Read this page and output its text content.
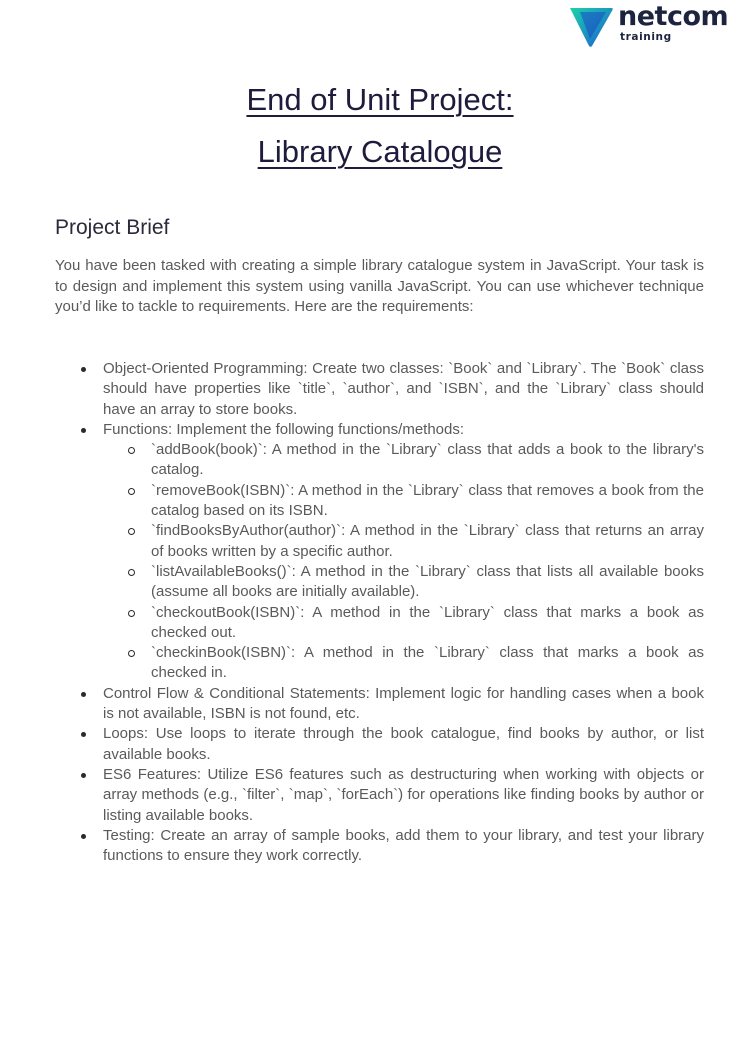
netcom
training
End of Unit Project:
Library Catalogue
Project Brief

You have been tasked with creating a simple library catalogue system in JavaScript. Your task is to design and implement this system using vanilla JavaScript. You can use whichever technique you’d like to tackle to requirements. Here are the requirements:

Object-Oriented Programming: Create two classes: `Book` and `Library`. The `Book` class should have properties like `title`, `author`, and `ISBN`, and the `Library` class should have an array to store books.
Functions: Implement the following functions/methods:
`addBook(book)`: A method in the `Library` class that adds a book to the library's catalog.
`removeBook(ISBN)`: A method in the `Library` class that removes a book from the catalog based on its ISBN.
`findBooksByAuthor(author)`: A method in the `Library` class that returns an array of books written by a specific author.
`listAvailableBooks()`: A method in the `Library` class that lists all available books (assume all books are initially available).
`checkoutBook(ISBN)`: A method in the `Library` class that marks a book as checked out.
`checkinBook(ISBN)`: A method in the `Library` class that marks a book as checked in.
Control Flow & Conditional Statements: Implement logic for handling cases when a book is not available, ISBN is not found, etc.
Loops: Use loops to iterate through the book catalogue, find books by author, or list available books.
ES6 Features: Utilize ES6 features such as destructuring when working with objects or array methods (e.g., `filter`, `map`, `forEach`) for operations like finding books by author or listing available books.
Testing: Create an array of sample books, add them to your library, and test your library functions to ensure they work correctly.
